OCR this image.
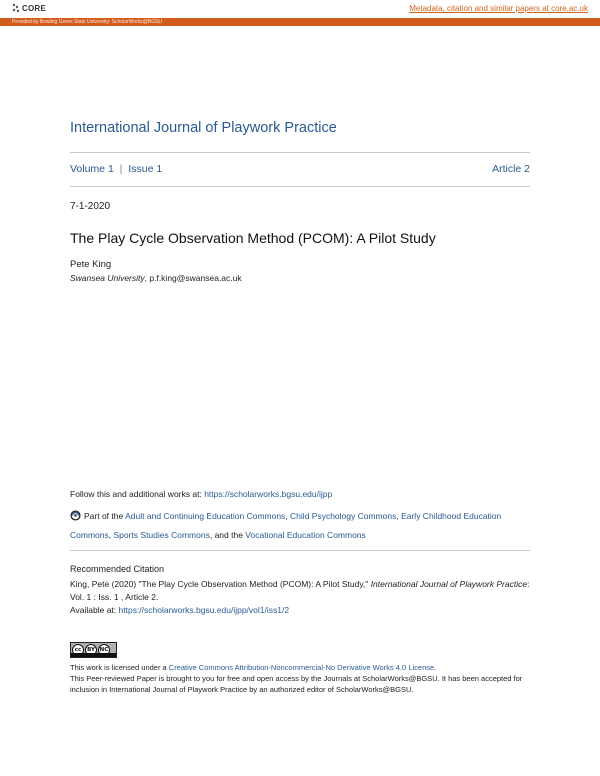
CORE	Metadata, citation and similar papers at core.ac.uk
Provided by Bowling Green State University: ScholarWorks@BGSU
International Journal of Playwork Practice
Volume 1 | Issue 1	Article 2
7-1-2020
The Play Cycle Observation Method (PCOM): A Pilot Study
Pete King
Swansea University, p.f.king@swansea.ac.uk
Follow this and additional works at: https://scholarworks.bgsu.edu/ijpp
Part of the Adult and Continuing Education Commons, Child Psychology Commons, Early Childhood Education Commons, Sports Studies Commons, and the Vocational Education Commons
Recommended Citation
King, Pete (2020) "The Play Cycle Observation Method (PCOM): A Pilot Study," International Journal of Playwork Practice: Vol. 1 : Iss. 1 , Article 2.
Available at: https://scholarworks.bgsu.edu/ijpp/vol1/iss1/2
cc	BY NC
This work is licensed under a Creative Commons Attribution-Noncommercial-No Derivative Works 4.0 License.
This Peer-reviewed Paper is brought to you for free and open access by the Journals at ScholarWorks@BGSU. It has been accepted for inclusion in International Journal of Playwork Practice by an authorized editor of ScholarWorks@BGSU.
